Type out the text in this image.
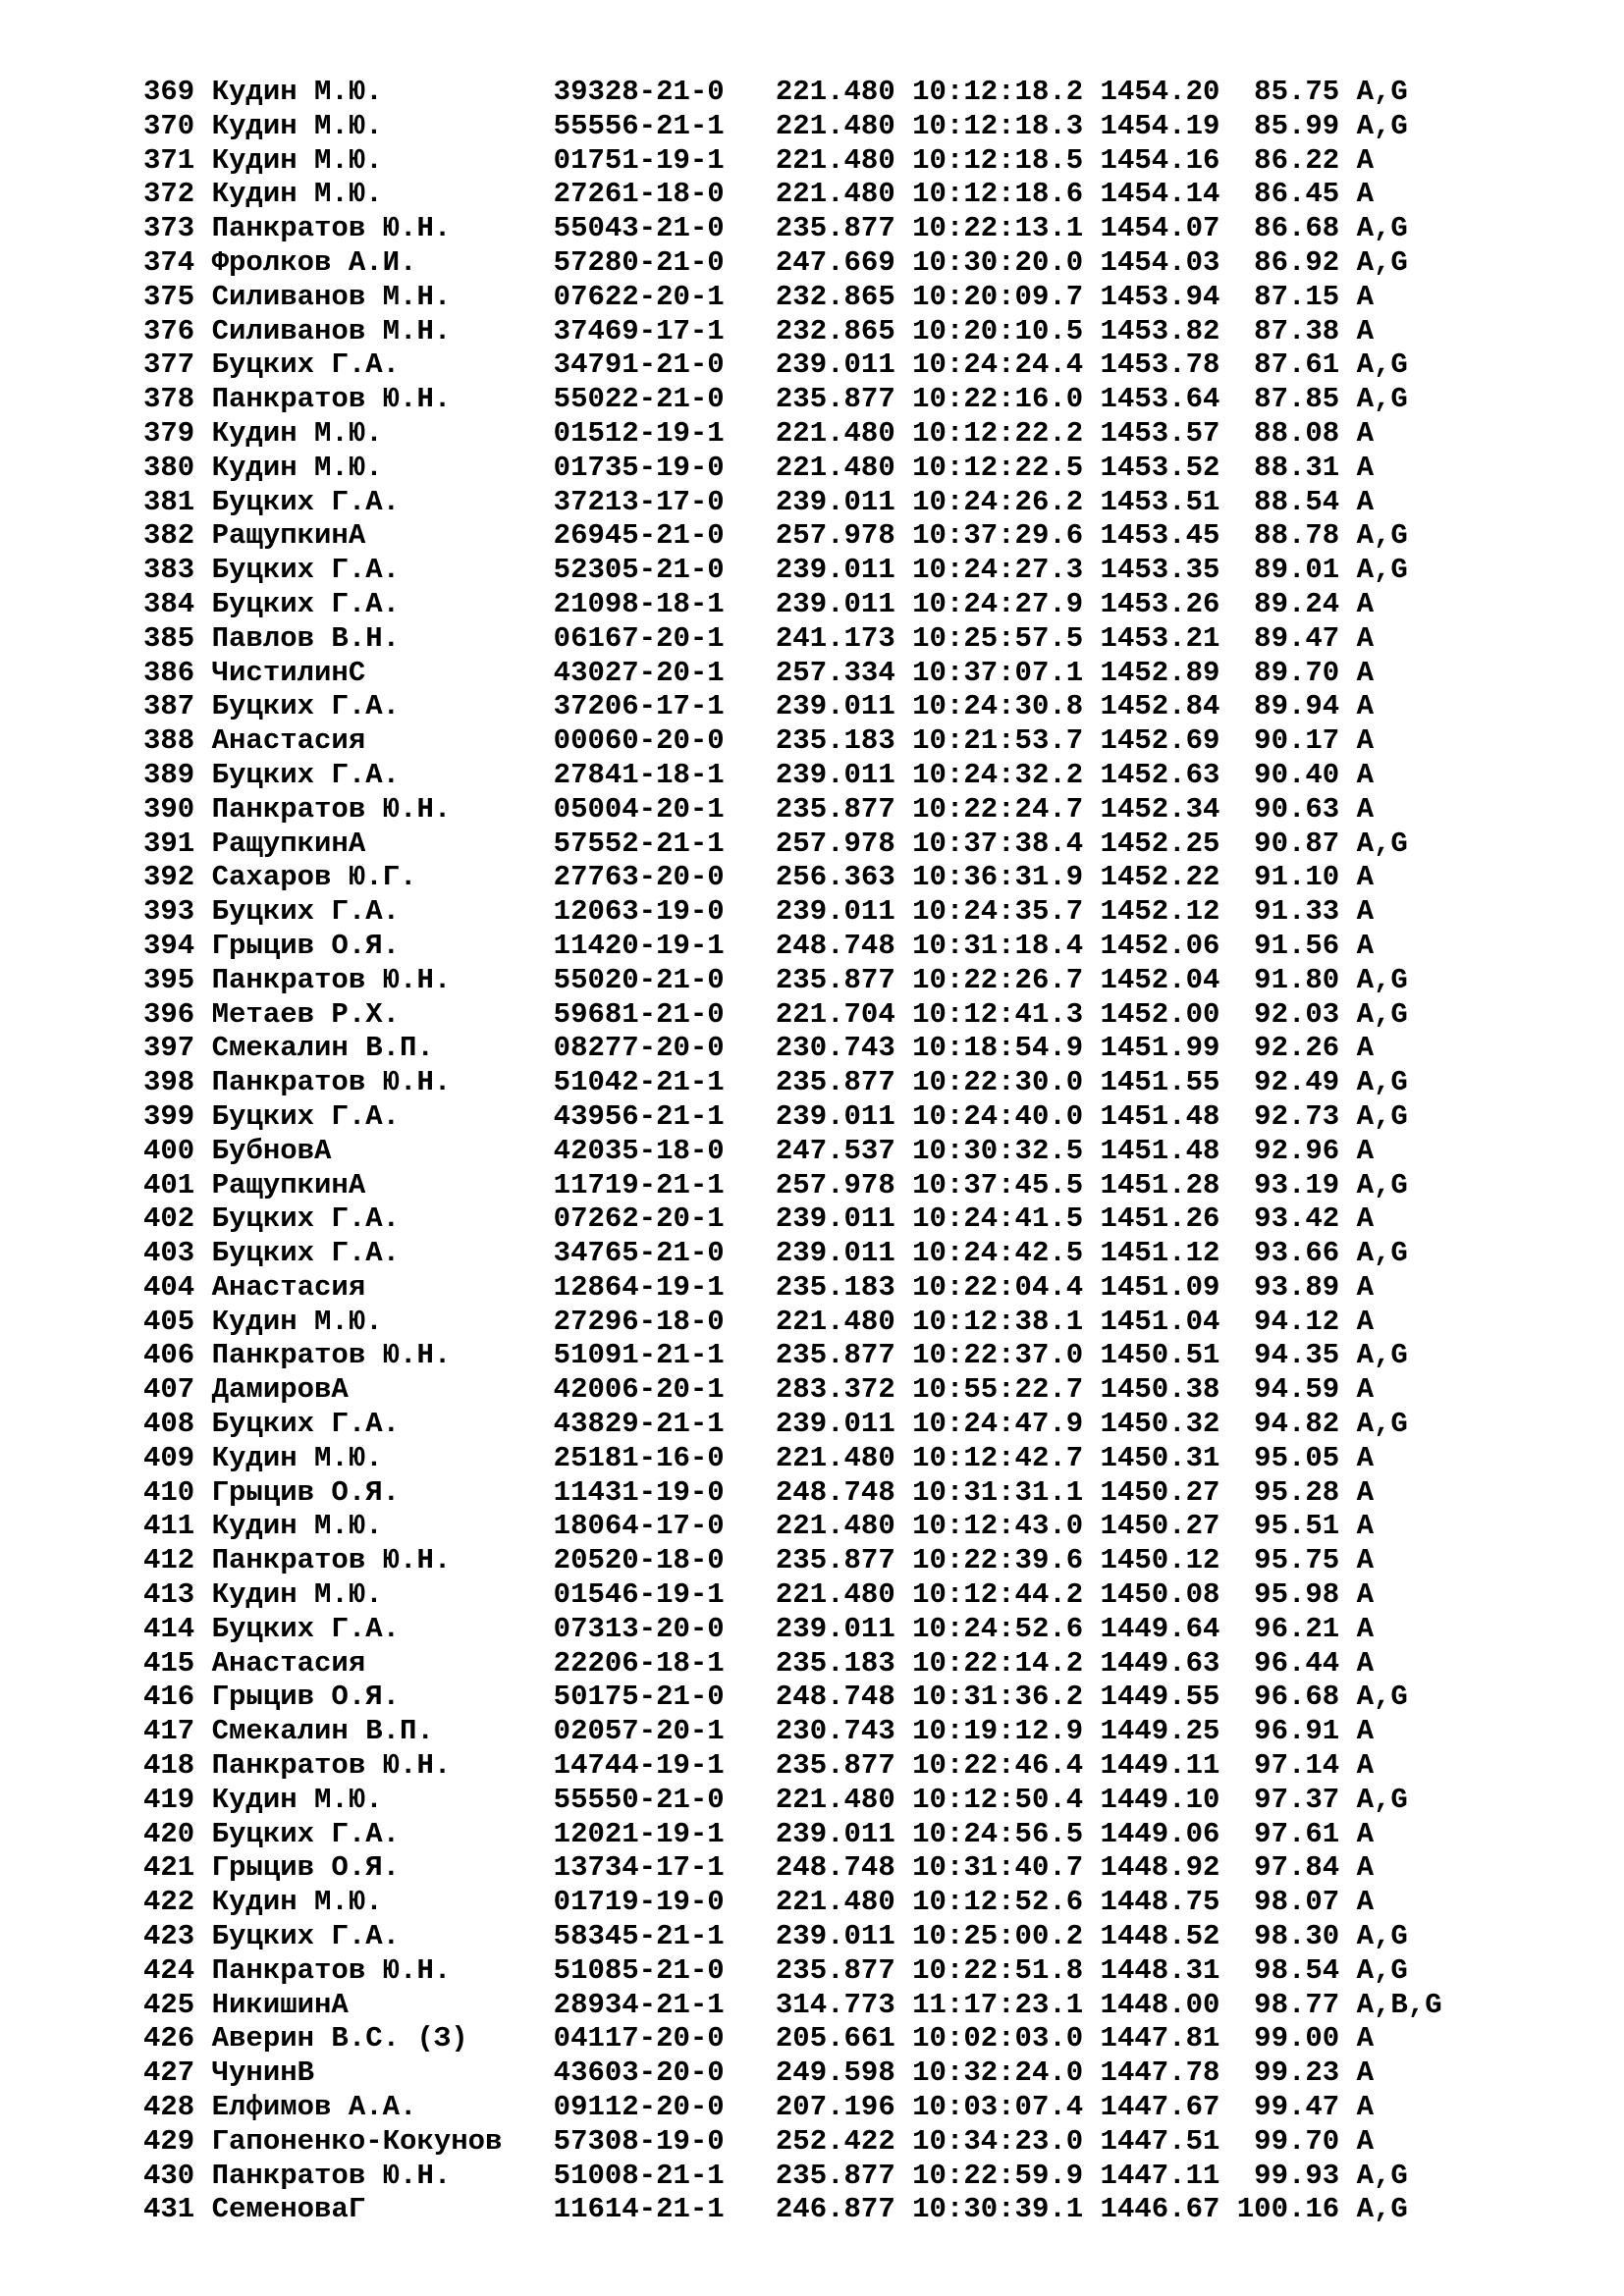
369 Кудин М.Ю.          39328-21-0   221.480 10:12:18.2 1454.20  85.75 A,G
370 Кудин М.Ю.          55556-21-1   221.480 10:12:18.3 1454.19  85.99 A,G
371 Кудин М.Ю.          01751-19-1   221.480 10:12:18.5 1454.16  86.22 A
372 Кудин М.Ю.          27261-18-0   221.480 10:12:18.6 1454.14  86.45 A
373 Панкратов Ю.Н.      55043-21-0   235.877 10:22:13.1 1454.07  86.68 A,G
374 Фролков А.И.        57280-21-0   247.669 10:30:20.0 1454.03  86.92 A,G
375 Силиванов М.Н.      07622-20-1   232.865 10:20:09.7 1453.94  87.15 A
376 Силиванов М.Н.      37469-17-1   232.865 10:20:10.5 1453.82  87.38 A
377 Буцких Г.А.         34791-21-0   239.011 10:24:24.4 1453.78  87.61 A,G
378 Панкратов Ю.Н.      55022-21-0   235.877 10:22:16.0 1453.64  87.85 A,G
379 Кудин М.Ю.          01512-19-1   221.480 10:12:22.2 1453.57  88.08 A
380 Кудин М.Ю.          01735-19-0   221.480 10:12:22.5 1453.52  88.31 A
381 Буцких Г.А.         37213-17-0   239.011 10:24:26.2 1453.51  88.54 A
382 РащупкинА           26945-21-0   257.978 10:37:29.6 1453.45  88.78 A,G
383 Буцких Г.А.         52305-21-0   239.011 10:24:27.3 1453.35  89.01 A,G
384 Буцких Г.А.         21098-18-1   239.011 10:24:27.9 1453.26  89.24 A
385 Павлов В.Н.         06167-20-1   241.173 10:25:57.5 1453.21  89.47 A
386 ЧистилинС           43027-20-1   257.334 10:37:07.1 1452.89  89.70 A
387 Буцких Г.А.         37206-17-1   239.011 10:24:30.8 1452.84  89.94 A
388 Анастасия           00060-20-0   235.183 10:21:53.7 1452.69  90.17 A
389 Буцких Г.А.         27841-18-1   239.011 10:24:32.2 1452.63  90.40 A
390 Панкратов Ю.Н.      05004-20-1   235.877 10:22:24.7 1452.34  90.63 A
391 РащупкинА           57552-21-1   257.978 10:37:38.4 1452.25  90.87 A,G
392 Сахаров Ю.Г.        27763-20-0   256.363 10:36:31.9 1452.22  91.10 A
393 Буцких Г.А.         12063-19-0   239.011 10:24:35.7 1452.12  91.33 A
394 Грыцив О.Я.         11420-19-1   248.748 10:31:18.4 1452.06  91.56 A
395 Панкратов Ю.Н.      55020-21-0   235.877 10:22:26.7 1452.04  91.80 A,G
396 Метаев Р.Х.         59681-21-0   221.704 10:12:41.3 1452.00  92.03 A,G
397 Смекалин В.П.       08277-20-0   230.743 10:18:54.9 1451.99  92.26 A
398 Панкратов Ю.Н.      51042-21-1   235.877 10:22:30.0 1451.55  92.49 A,G
399 Буцких Г.А.         43956-21-1   239.011 10:24:40.0 1451.48  92.73 A,G
400 БубновА             42035-18-0   247.537 10:30:32.5 1451.48  92.96 A
401 РащупкинА           11719-21-1   257.978 10:37:45.5 1451.28  93.19 A,G
402 Буцких Г.А.         07262-20-1   239.011 10:24:41.5 1451.26  93.42 A
403 Буцких Г.А.         34765-21-0   239.011 10:24:42.5 1451.12  93.66 A,G
404 Анастасия           12864-19-1   235.183 10:22:04.4 1451.09  93.89 A
405 Кудин М.Ю.          27296-18-0   221.480 10:12:38.1 1451.04  94.12 A
406 Панкратов Ю.Н.      51091-21-1   235.877 10:22:37.0 1450.51  94.35 A,G
407 ДамировА            42006-20-1   283.372 10:55:22.7 1450.38  94.59 A
408 Буцких Г.А.         43829-21-1   239.011 10:24:47.9 1450.32  94.82 A,G
409 Кудин М.Ю.          25181-16-0   221.480 10:12:42.7 1450.31  95.05 A
410 Грыцив О.Я.         11431-19-0   248.748 10:31:31.1 1450.27  95.28 A
411 Кудин М.Ю.          18064-17-0   221.480 10:12:43.0 1450.27  95.51 A
412 Панкратов Ю.Н.      20520-18-0   235.877 10:22:39.6 1450.12  95.75 A
413 Кудин М.Ю.          01546-19-1   221.480 10:12:44.2 1450.08  95.98 A
414 Буцких Г.А.         07313-20-0   239.011 10:24:52.6 1449.64  96.21 A
415 Анастасия           22206-18-1   235.183 10:22:14.2 1449.63  96.44 A
416 Грыцив О.Я.         50175-21-0   248.748 10:31:36.2 1449.55  96.68 A,G
417 Смекалин В.П.       02057-20-1   230.743 10:19:12.9 1449.25  96.91 A
418 Панкратов Ю.Н.      14744-19-1   235.877 10:22:46.4 1449.11  97.14 A
419 Кудин М.Ю.          55550-21-0   221.480 10:12:50.4 1449.10  97.37 A,G
420 Буцких Г.А.         12021-19-1   239.011 10:24:56.5 1449.06  97.61 A
421 Грыцив О.Я.         13734-17-1   248.748 10:31:40.7 1448.92  97.84 A
422 Кудин М.Ю.          01719-19-0   221.480 10:12:52.6 1448.75  98.07 A
423 Буцких Г.А.         58345-21-1   239.011 10:25:00.2 1448.52  98.30 A,G
424 Панкратов Ю.Н.      51085-21-0   235.877 10:22:51.8 1448.31  98.54 A,G
425 НикишинА            28934-21-1   314.773 11:17:23.1 1448.00  98.77 A,B,G
426 Аверин В.С. (З)     04117-20-0   205.661 10:02:03.0 1447.81  99.00 A
427 ЧунинВ              43603-20-0   249.598 10:32:24.0 1447.78  99.23 A
428 Елфимов А.А.        09112-20-0   207.196 10:03:07.4 1447.67  99.47 A
429 Гапоненко-Кокунов   57308-19-0   252.422 10:34:23.0 1447.51  99.70 A
430 Панкратов Ю.Н.      51008-21-1   235.877 10:22:59.9 1447.11  99.93 A,G
431 СеменоваГ           11614-21-1   246.877 10:30:39.1 1446.67 100.16 A,G
